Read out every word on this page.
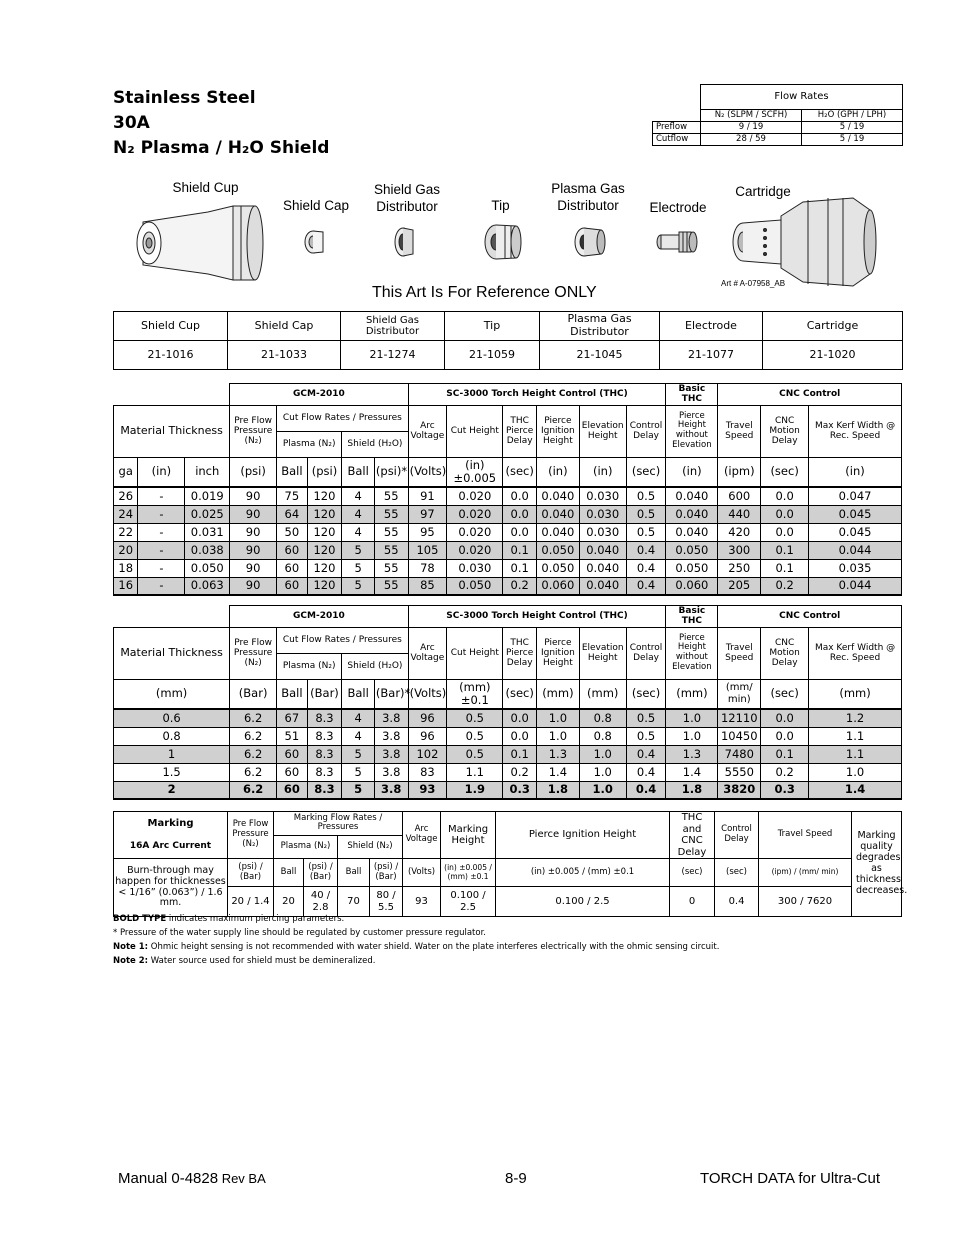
Stainless Steel
30A
N₂ Plasma / H₂O Shield
	Flow Rates	
	N₂ (SLPM / SCFH)	H₂O (GPH / LPH)
Preflow	9 / 19	5 / 19
Cutflow	28 / 59	5 / 19
Shield Cup
Shield Cap
Shield Gas Distributor	Tip
Plasma Gas Distributor	Electrode
Cartridge
This Art Is For Reference ONLY
Art # A-07958_AB
Shield Cup	Shield Cap	Shield Gas Distributor	Tip	Plasma Gas Distributor	Electrode	Cartridge
21-1016	21-1033	21-1274	21-1059	21-1045	21-1077	21-1020
			GCM-2010					SC-3000 Torch Height Control (THC)						Basic THC	CNC Control		
Material Thickness			Pre Flow Pressure (N₂)	Cut Flow Rates / Pressures				Arc Voltage	Cut Height	THC Pierce Delay	Pierce Ignition Height	Elevation Height	Control Delay	Pierce Height without Elevation	Travel Speed	CNC Motion Delay	Max Kerf Width @ Rec. Speed
				Plasma (N₂)		Shield (H₂O)											
ga	(in)	inch	(psi)	Ball	(psi)	Ball	(psi)*	(Volts)	(in) ±0.005	(sec)	(in)	(in)	(sec)	(in)	(ipm)	(sec)	(in)
26	-	0.019	90	75	120	4	55	91	0.020	0.0	0.040	0.030	0.5	0.040	600	0.0	0.047
24	-	0.025	90	64	120	4	55	97	0.020	0.0	0.040	0.030	0.5	0.040	440	0.0	0.045
22	-	0.031	90	50	120	4	55	95	0.020	0.0	0.040	0.030	0.5	0.040	420	0.0	0.045
20	-	0.038	90	60	120	5	55	105	0.020	0.1	0.050	0.040	0.4	0.050	300	0.1	0.044
18	-	0.050	90	60	120	5	55	78	0.030	0.1	0.050	0.040	0.4	0.050	250	0.1	0.035
16	-	0.063	90	60	120	5	55	85	0.050	0.2	0.060	0.040	0.4	0.060	205	0.2	0.044
	GCM-2010					SC-3000 Torch Height Control (THC)						Basic THC	CNC Control		
Material Thickness	Pre Flow Pressure (N₂)	Cut Flow Rates / Pressures				Arc Voltage	Cut Height	THC Pierce Delay	Pierce Ignition Height	Elevation Height	Control Delay	Pierce Height without Elevation	Travel Speed	CNC Motion Delay	Max Kerf Width @ Rec. Speed
		Plasma (N₂)		Shield (H₂O)											
(mm)	(Bar)	Ball	(Bar)	Ball	(Bar)*	(Volts)	(mm) ±0.1	(sec)	(mm)	(mm)	(sec)	(mm)	(mm/ min)	(sec)	(mm)
0.6	6.2	67	8.3	4	3.8	96	0.5	0.0	1.0	0.8	0.5	1.0	12110	0.0	1.2
0.8	6.2	51	8.3	4	3.8	96	0.5	0.0	1.0	0.8	0.5	1.0	10450	0.0	1.1
1	6.2	60	8.3	5	3.8	102	0.5	0.1	1.3	1.0	0.4	1.3	7480	0.1	1.1
1.5	6.2	60	8.3	5	3.8	83	1.1	0.2	1.4	1.0	0.4	1.4	5550	0.2	1.0
2	6.2	60	8.3	5	3.8	93	1.9	0.3	1.8	1.0	0.4	1.8	3820	0.3	1.4
Marking	Pre Flow Pressure (N₂)	Marking Flow Rates / Pressures				Arc Voltage	Marking Height	Pierce Ignition Height	THC and CNC Delay	Control Delay	Travel Speed	Marking quality degrades as thickness decreases.
16A Arc Current		Plasma (N₂)		Shield (N₂)								
Burn-through may happen for thicknesses < 1/16” (0.063”) / 1.6 mm.	(psi) / (Bar)	Ball	(psi) / (Bar)	Ball	(psi) / (Bar)	(Volts)	(in) ±0.005 / (mm) ±0.1	(in) ±0.005 / (mm) ±0.1	(sec)	(sec)	(ipm) / (mm/ min)	
	20 / 1.4	20	40 / 2.8	70	80 / 5.5	93	0.100 / 2.5	0.100 / 2.5	0	0.4	300 / 7620	
BOLD TYPE indicates maximum piercing parameters.
* Pressure of the water supply line should be regulated by customer pressure regulator.
Note 1: Ohmic height sensing is not recommended with water shield. Water on the plate interferes electrically with the ohmic sensing circuit.
Note 2: Water source used for shield must be demineralized.
Manual 0-4828 Rev BA	8-9	TORCH DATA for Ultra-Cut
